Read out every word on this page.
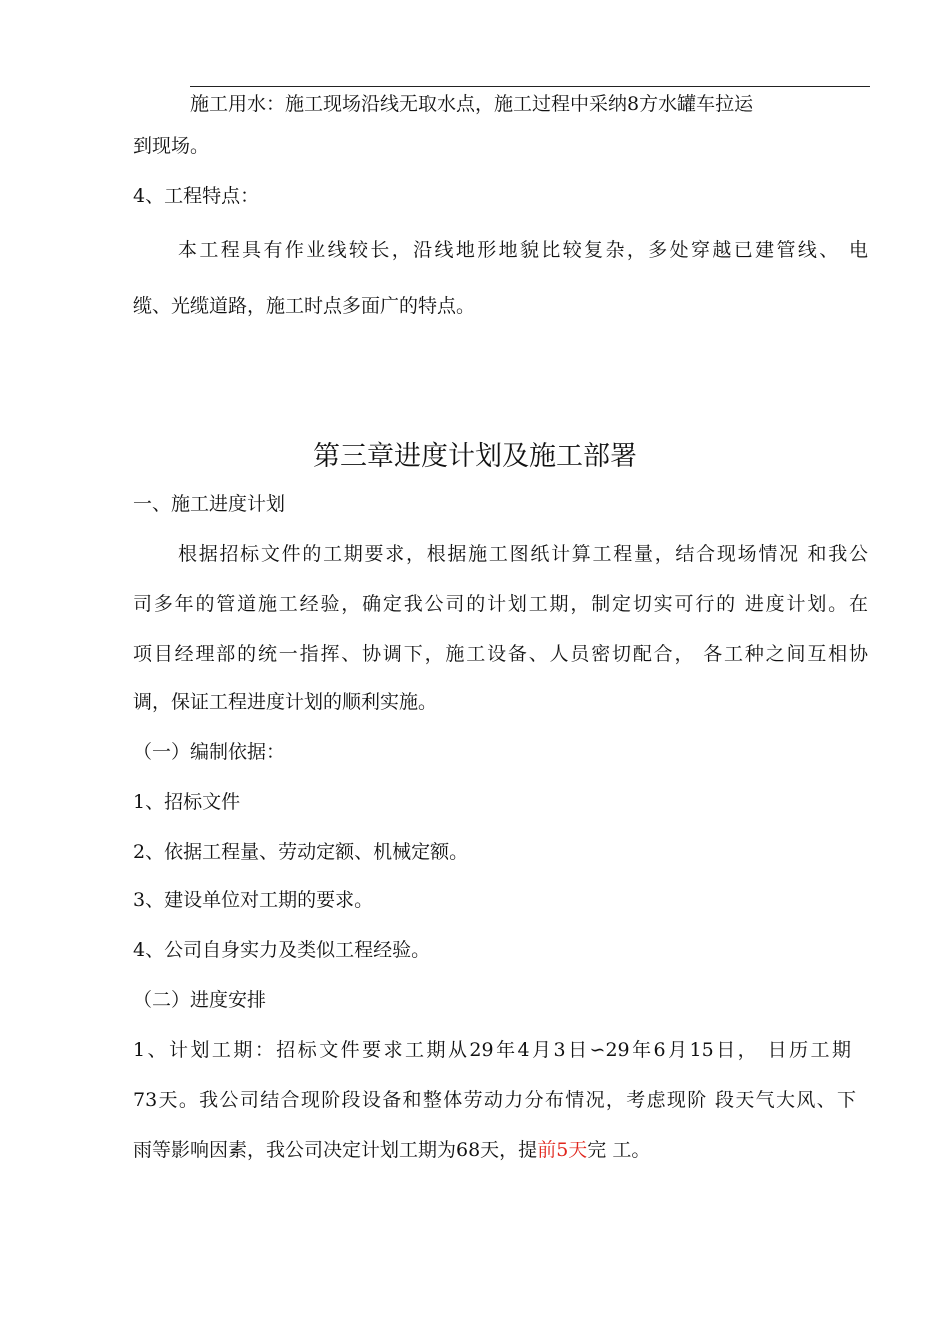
施工用水：施工现场沿线无取水点，施工过程中采纳8方水罐车拉运
到现场。
4、工程特点：
本工程具有作业线较长，沿线地形地貌比较复杂，多处穿越已建管线、 电
缆、光缆道路，施工时点多面广的特点。
第三章进度计划及施工部署
一、施工进度计划
根据招标文件的工期要求，根据施工图纸计算工程量，结合现场情况 和我公
司多年的管道施工经验，确定我公司的计划工期，制定切实可行的 进度计划。在
项目经理部的统一指挥、协调下，施工设备、人员密切配合， 各工种之间互相协
调，保证工程进度计划的顺利实施。
（一）编制依据：
1、招标文件
2、依据工程量、劳动定额、机械定额。
3、建设单位对工期的要求。
4、公司自身实力及类似工程经验。
（二）进度安排
1、计划工期：招标文件要求工期从29年4月3日∽29年6月15日， 日历工期
73天。我公司结合现阶段设备和整体劳动力分布情况，考虑现阶 段天气大风、下
雨等影响因素，我公司决定计划工期为68天，提前5天完 工。
